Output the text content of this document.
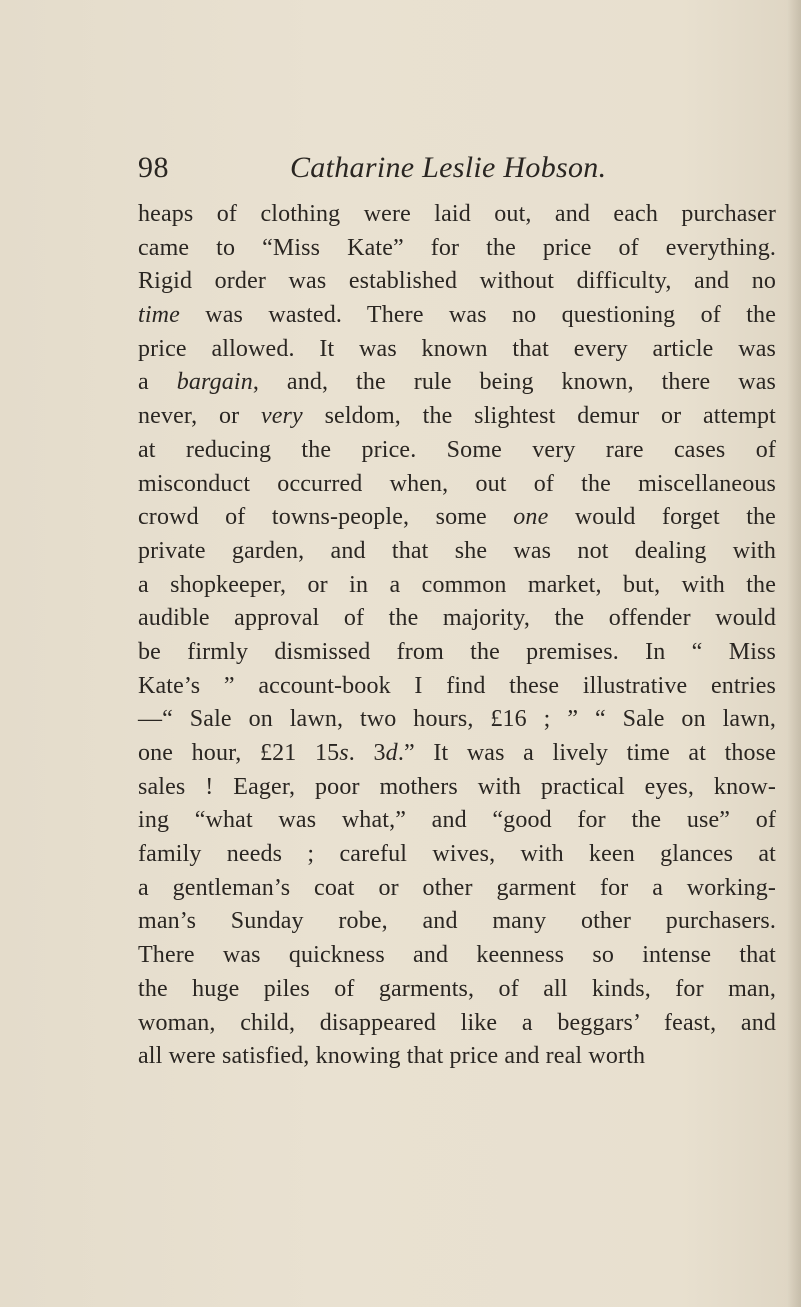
98	Catharine Leslie Hobson.
heaps of clothing were laid out, and each purchaser
came to “Miss Kate” for the price of everything.
Rigid order was established without difficulty, and no
time was wasted. There was no questioning of the
price allowed. It was known that every article was
a bargain, and, the rule being known, there was
never, or very seldom, the slightest demur or attempt
at reducing the price. Some very rare cases of
misconduct occurred when, out of the miscellaneous
crowd of towns-people, some one would forget the
private garden, and that she was not dealing with
a shopkeeper, or in a common market, but, with the
audible approval of the majority, the offender would
be firmly dismissed from the premises. In “ Miss
Kate’s ” account-book I find these illustrative entries
—“ Sale on lawn, two hours, £16 ; ” “ Sale on lawn,
one hour, £21 15s. 3d.” It was a lively time at those
sales ! Eager, poor mothers with practical eyes, know-
ing “what was what,” and “good for the use” of
family needs ; careful wives, with keen glances at
a gentleman’s coat or other garment for a working-
man’s Sunday robe, and many other purchasers.
There was quickness and keenness so intense that
the huge piles of garments, of all kinds, for man,
woman, child, disappeared like a beggars’ feast, and
all were satisfied, knowing that price and real worth
